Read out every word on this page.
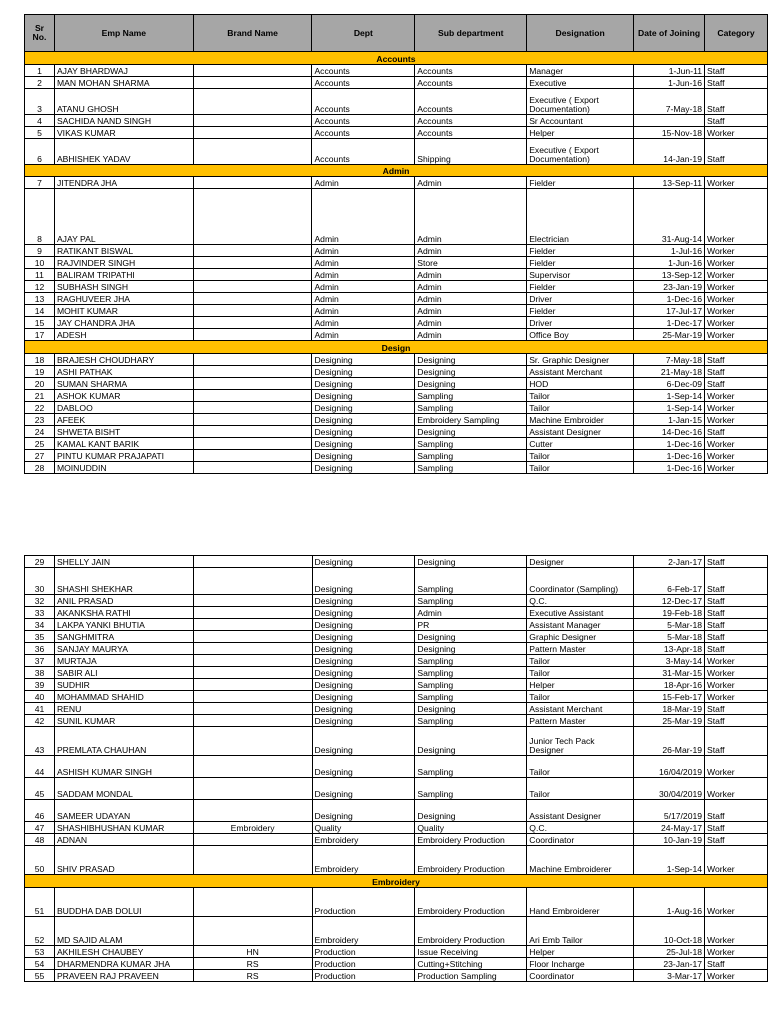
Sr No.	Emp Name	Brand Name	Dept	Sub department	Designation	Date of Joining	Category
Accounts							
1	AJAY BHARDWAJ		Accounts	Accounts	Manager	1-Jun-11	Staff
2	MAN MOHAN SHARMA		Accounts	Accounts	Executive	1-Jun-16	Staff
3	ATANU GHOSH		Accounts	Accounts	Executive ( Export Documentation)	7-May-18	Staff
4	SACHIDA NAND SINGH		Accounts	Accounts	Sr Accountant		Staff
5	VIKAS KUMAR		Accounts	Accounts	Helper	15-Nov-18	Worker
6	ABHISHEK YADAV		Accounts	Shipping	Executive ( Export Documentation)	14-Jan-19	Staff
Admin							
7	JITENDRA JHA		Admin	Admin	Fielder	13-Sep-11	Worker
8	AJAY PAL		Admin	Admin	Electrician	31-Aug-14	Worker
9	RATIKANT BISWAL		Admin	Admin	Fielder	1-Jul-16	Worker
10	RAJVINDER SINGH		Admin	Store	Fielder	1-Jun-16	Worker
11	BALIRAM TRIPATHI		Admin	Admin	Supervisor	13-Sep-12	Worker
12	SUBHASH SINGH		Admin	Admin	Fielder	23-Jan-19	Worker
13	RAGHUVEER JHA		Admin	Admin	Driver	1-Dec-16	Worker
14	MOHIT KUMAR		Admin	Admin	Fielder	17-Jul-17	Worker
15	JAY CHANDRA JHA		Admin	Admin	Driver	1-Dec-17	Worker
17	ADESH		Admin	Admin	Office Boy	25-Mar-19	Worker
Design							
18	BRAJESH CHOUDHARY		Designing	Designing	Sr. Graphic Designer	7-May-18	Staff
19	ASHI PATHAK		Designing	Designing	Assistant Merchant	21-May-18	Staff
20	SUMAN SHARMA		Designing	Designing	HOD	6-Dec-09	Staff
21	ASHOK KUMAR		Designing	Sampling	Tailor	1-Sep-14	Worker
22	DABLOO		Designing	Sampling	Tailor	1-Sep-14	Worker
23	AFEEK		Designing	Embroidery Sampling	Machine Embroider	1-Jan-15	Worker
24	SHWETA BISHT		Designing	Designing	Assistant Designer	14-Dec-16	Staff
25	KAMAL KANT BARIK		Designing	Sampling	Cutter	1-Dec-16	Worker
27	PINTU KUMAR PRAJAPATI		Designing	Sampling	Tailor	1-Dec-16	Worker
28	MOINUDDIN		Designing	Sampling	Tailor	1-Dec-16	Worker
29	SHELLY JAIN		Designing	Designing	Designer	2-Jan-17	Staff
30	SHASHI SHEKHAR		Designing	Sampling	Coordinator (Sampling)	6-Feb-17	Staff
32	ANIL PRASAD		Designing	Sampling	Q.C.	12-Dec-17	Staff
33	AKANKSHA RATHI		Designing	Admin	Executive Assistant	19-Feb-18	Staff
34	LAKPA YANKI BHUTIA		Designing	PR	Assistant Manager	5-Mar-18	Staff
35	SANGHMITRA		Designing	Designing	Graphic Designer	5-Mar-18	Staff
36	SANJAY MAURYA		Designing	Designing	Pattern Master	13-Apr-18	Staff
37	MURTAJA		Designing	Sampling	Tailor	3-May-14	Worker
38	SABIR ALI		Designing	Sampling	Tailor	31-Mar-15	Worker
39	SUDHIR		Designing	Sampling	Helper	18-Apr-16	Worker
40	MOHAMMAD SHAHID		Designing	Sampling	Tailor	15-Feb-17	Worker
41	RENU		Designing	Designing	Assistant Merchant	18-Mar-19	Staff
42	SUNIL KUMAR		Designing	Sampling	Pattern Master	25-Mar-19	Staff
43	PREMLATA CHAUHAN		Designing	Designing	Junior Tech Pack Designer	26-Mar-19	Staff
44	ASHISH KUMAR SINGH		Designing	Sampling	Tailor	16/04/2019	Worker
45	SADDAM MONDAL		Designing	Sampling	Tailor	30/04/2019	Worker
46	SAMEER UDAYAN		Designing	Designing	Assistant Designer	5/17/2019	Staff
47	SHASHIBHUSHAN KUMAR	Embroidery	Quality	Quality	Q.C.	24-May-17	Staff
48	ADNAN		Embroidery	Embroidery Production	Coordinator	10-Jan-19	Staff
50	SHIV PRASAD		Embroidery	Embroidery Production	Machine Embroiderer	1-Sep-14	Worker
Embroidery							
51	BUDDHA DAB DOLUI		Production	Embroidery Production	Hand Embroiderer	1-Aug-16	Worker
52	MD SAJID ALAM		Embroidery	Embroidery Production	Ari Emb Tailor	10-Oct-18	Worker
53	AKHILESH CHAUBEY	HN	Production	Issue Receiving	Helper	25-Jul-18	Worker
54	DHARMENDRA KUMAR JHA	RS	Production	Cutting+Stitching	Floor Incharge	23-Jan-17	Staff
55	PRAVEEN RAJ PRAVEEN	RS	Production	Production Sampling	Coordinator	3-Mar-17	Worker
